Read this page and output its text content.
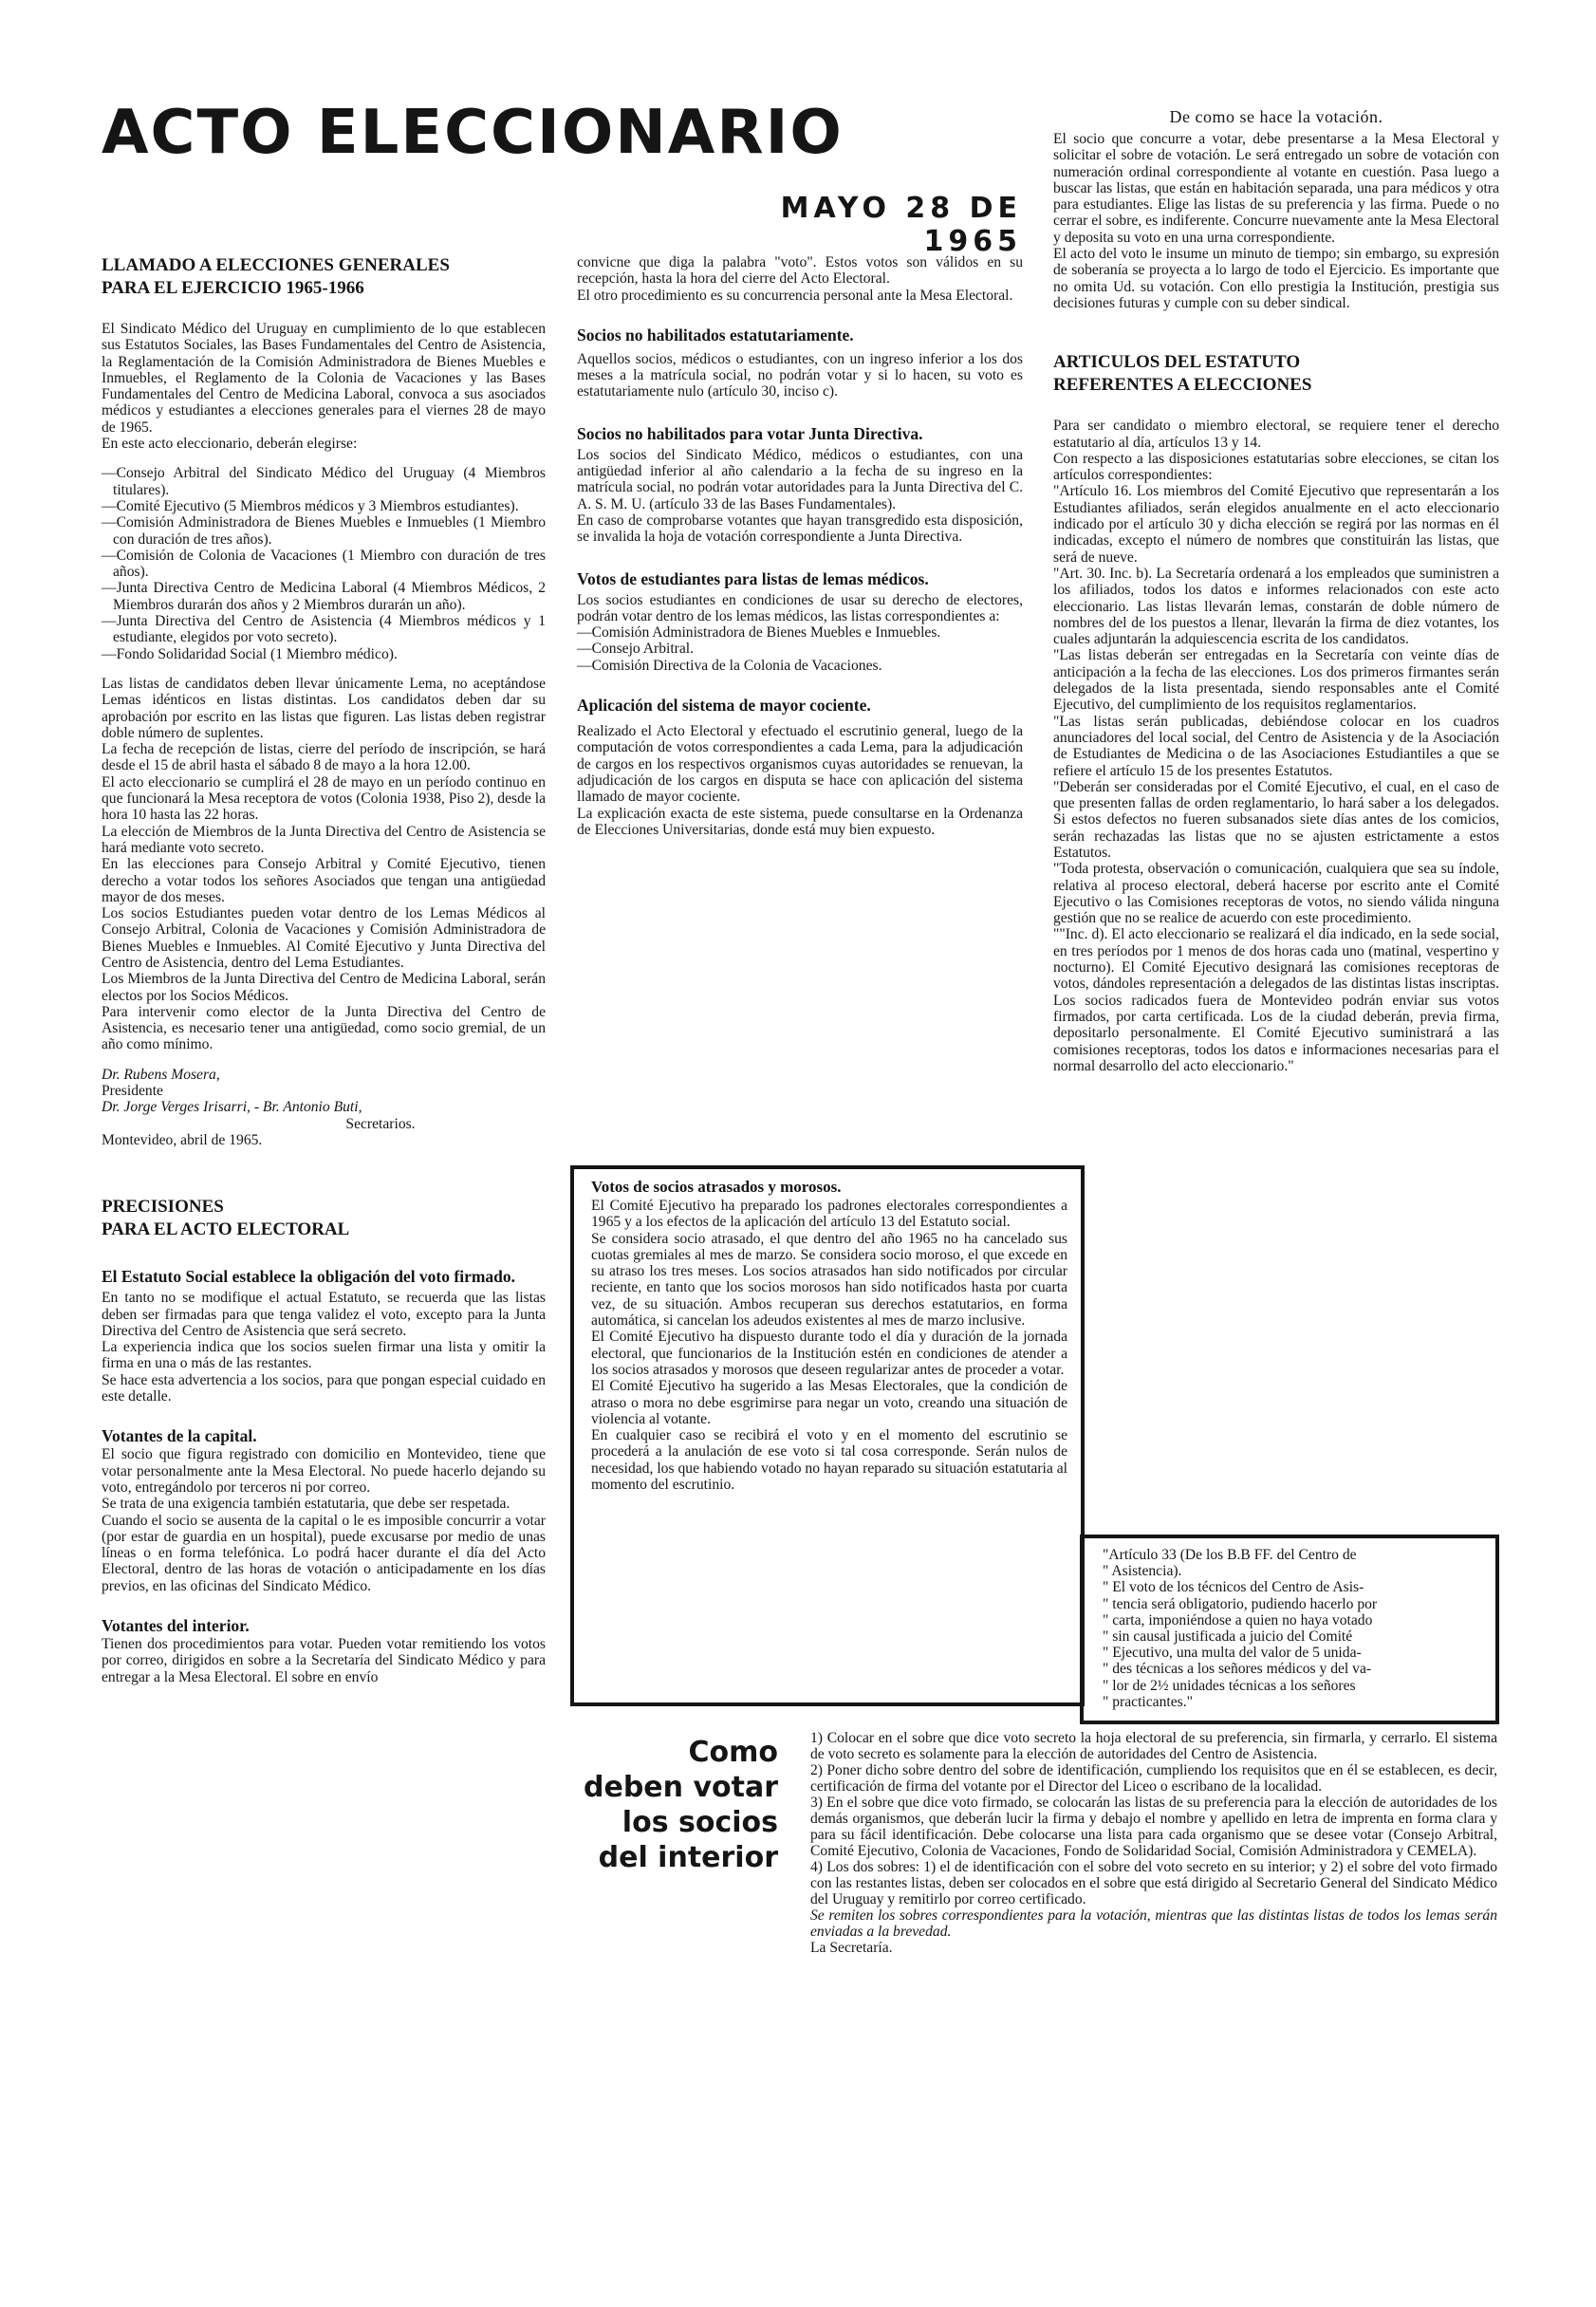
ACTO ELECCIONARIO
MAYO 28 DE 1965

LLAMADO A ELECCIONES GENERALES

PARA EL EJERCICIO 1965-1966

El Sindicato Médico del Uruguay en cumplimiento de lo que establecen sus Estatutos Sociales, las Bases Fundamentales del Centro de Asistencia, la Reglamentación de la Comisión Administradora de Bienes Muebles e Inmuebles, el Reglamento de la Colonia de Vacaciones y las Bases Fundamentales del Centro de Medicina Laboral, convoca a sus asociados médicos y estudiantes a elecciones generales para el viernes 28 de mayo de 1965.

En este acto eleccionario, deberán elegirse:

—Consejo Arbitral del Sindicato Médico del Uruguay (4 Miembros titulares).

—Comité Ejecutivo (5 Miembros médicos y 3 Miembros estudiantes).

—Comisión Administradora de Bienes Muebles e Inmuebles (1 Miembro con duración de tres años).

—Comisión de Colonia de Vacaciones (1 Miembro con duración de tres años).

—Junta Directiva Centro de Medicina Laboral (4 Miembros Médicos, 2 Miembros durarán dos años y 2 Miembros durarán un año).

—Junta Directiva del Centro de Asistencia (4 Miembros médicos y 1 estudiante, elegidos por voto secreto).

—Fondo Solidaridad Social (1 Miembro médico).

Las listas de candidatos deben llevar únicamente Lema, no aceptándose Lemas idénticos en listas distintas. Los candidatos deben dar su aprobación por escrito en las listas que figuren. Las listas deben registrar doble número de suplentes.

La fecha de recepción de listas, cierre del período de inscripción, se hará desde el 15 de abril hasta el sábado 8 de mayo a la hora 12.00.

El acto eleccionario se cumplirá el 28 de mayo en un período continuo en que funcionará la Mesa receptora de votos (Colonia 1938, Piso 2), desde la hora 10 hasta las 22 horas.

La elección de Miembros de la Junta Directiva del Centro de Asistencia se hará mediante voto secreto.

En las elecciones para Consejo Arbitral y Comité Ejecutivo, tienen derecho a votar todos los señores Asociados que tengan una antigüedad mayor de dos meses.

Los socios Estudiantes pueden votar dentro de los Lemas Médicos al Consejo Arbitral, Colonia de Vacaciones y Comisión Administradora de Bienes Muebles e Inmuebles. Al Comité Ejecutivo y Junta Directiva del Centro de Asistencia, dentro del Lema Estudiantes.

Los Miembros de la Junta Directiva del Centro de Medicina Laboral, serán electos por los Socios Médicos.

Para intervenir como elector de la Junta Directiva del Centro de Asistencia, es necesario tener una antigüedad, como socio gremial, de un año como mínimo.

Dr. Rubens Mosera,

Presidente

Dr. Jorge Verges Irisarri, - Br. Antonio Buti,

Secretarios.

Montevideo, abril de 1965.

PRECISIONES

PARA EL ACTO ELECTORAL

El Estatuto Social establece la obligación del voto firmado.

En tanto no se modifique el actual Estatuto, se recuerda que las listas deben ser firmadas para que tenga validez el voto, excepto para la Junta Directiva del Centro de Asistencia que será secreto.

La experiencia indica que los socios suelen firmar una lista y omitir la firma en una o más de las restantes.

Se hace esta advertencia a los socios, para que pongan especial cuidado en este detalle.

Votantes de la capital.

El socio que figura registrado con domicilio en Montevideo, tiene que votar personalmente ante la Mesa Electoral. No puede hacerlo dejando su voto, entregándolo por terceros ni por correo.

Se trata de una exigencia también estatutaria, que debe ser respetada.

Cuando el socio se ausenta de la capital o le es imposible concurrir a votar (por estar de guardia en un hospital), puede excusarse por medio de unas líneas o en forma telefónica. Lo podrá hacer durante el día del Acto Electoral, dentro de las horas de votación o anticipadamente en los días previos, en las oficinas del Sindicato Médico.

Votantes del interior.

Tienen dos procedimientos para votar. Pueden votar remitiendo los votos por correo, dirigidos en sobre a la Secretaría del Sindicato Médico y para entregar a la Mesa Electoral. El sobre en envío

convicne que diga la palabra "voto". Estos votos son válidos en su recepción, hasta la hora del cierre del Acto Electoral.

El otro procedimiento es su concurrencia personal ante la Mesa Electoral.

Socios no habilitados estatutariamente.

Aquellos socios, médicos o estudiantes, con un ingreso inferior a los dos meses a la matrícula social, no podrán votar y si lo hacen, su voto es estatutariamente nulo (artículo 30, inciso c).

Socios no habilitados para votar Junta Directiva.

Los socios del Sindicato Médico, médicos o estudiantes, con una antigüedad inferior al año calendario a la fecha de su ingreso en la matrícula social, no podrán votar autoridades para la Junta Directiva del C. A. S. M. U. (artículo 33 de las Bases Fundamentales).

En caso de comprobarse votantes que hayan transgredido esta disposición, se invalida la hoja de votación correspondiente a Junta Directiva.

Votos de estudiantes para listas de lemas médicos.

Los socios estudiantes en condiciones de usar su derecho de electores, podrán votar dentro de los lemas médicos, las listas correspondientes a:

—Comisión Administradora de Bienes Muebles e Inmuebles.

—Consejo Arbitral.

—Comisión Directiva de la Colonia de Vacaciones.

Aplicación del sistema de mayor cociente.

Realizado el Acto Electoral y efectuado el escrutinio general, luego de la computación de votos correspondientes a cada Lema, para la adjudicación de cargos en los respectivos organismos cuyas autoridades se renuevan, la adjudicación de los cargos en disputa se hace con aplicación del sistema llamado de mayor cociente.

La explicación exacta de este sistema, puede consultarse en la Ordenanza de Elecciones Universitarias, donde está muy bien expuesto.

Votos de socios atrasados y morosos.

El Comité Ejecutivo ha preparado los padrones electorales correspondientes a 1965 y a los efectos de la aplicación del artículo 13 del Estatuto social.

Se considera socio atrasado, el que dentro del año 1965 no ha cancelado sus cuotas gremiales al mes de marzo. Se considera socio moroso, el que excede en su atraso los tres meses. Los socios atrasados han sido notificados por circular reciente, en tanto que los socios morosos han sido notificados hasta por cuarta vez, de su situación. Ambos recuperan sus derechos estatutarios, en forma automática, si cancelan los adeudos existentes al mes de marzo inclusive.

El Comité Ejecutivo ha dispuesto durante todo el día y duración de la jornada electoral, que funcionarios de la Institución estén en condiciones de atender a los socios atrasados y morosos que deseen regularizar antes de proceder a votar.

El Comité Ejecutivo ha sugerido a las Mesas Electorales, que la condición de atraso o mora no debe esgrimirse para negar un voto, creando una situación de violencia al votante.

En cualquier caso se recibirá el voto y en el momento del escrutinio se procederá a la anulación de ese voto si tal cosa corresponde. Serán nulos de necesidad, los que habiendo votado no hayan reparado su situación estatutaria al momento del escrutinio.

De como se hace la votación.

El socio que concurre a votar, debe presentarse a la Mesa Electoral y solicitar el sobre de votación. Le será entregado un sobre de votación con numeración ordinal correspondiente al votante en cuestión. Pasa luego a buscar las listas, que están en habitación separada, una para médicos y otra para estudiantes. Elige las listas de su preferencia y las firma. Puede o no cerrar el sobre, es indiferente. Concurre nuevamente ante la Mesa Electoral y deposita su voto en una urna correspondiente.

El acto del voto le insume un minuto de tiempo; sin embargo, su expresión de soberanía se proyecta a lo largo de todo el Ejercicio. Es importante que no omita Ud. su votación. Con ello prestigia la Institución, prestigia sus decisiones futuras y cumple con su deber sindical.

ARTICULOS DEL ESTATUTO

REFERENTES A ELECCIONES

Para ser candidato o miembro electoral, se requiere tener el derecho estatutario al día, artículos 13 y 14.

Con respecto a las disposiciones estatutarias sobre elecciones, se citan los artículos correspondientes:

"Artículo 16. Los miembros del Comité Ejecutivo que representarán a los Estudiantes afiliados, serán elegidos anualmente en el acto eleccionario indicado por el artículo 30 y dicha elección se regirá por las normas en él indicadas, excepto el número de nombres que constituirán las listas, que será de nueve.

"Art. 30. Inc. b). La Secretaría ordenará a los empleados que suministren a los afiliados, todos los datos e informes relacionados con este acto eleccionario. Las listas llevarán lemas, constarán de doble número de nombres del de los puestos a llenar, llevarán la firma de diez votantes, los cuales adjuntarán la adquiescencia escrita de los candidatos.

"Las listas deberán ser entregadas en la Secretaría con veinte días de anticipación a la fecha de las elecciones. Los dos primeros firmantes serán delegados de la lista presentada, siendo responsables ante el Comité Ejecutivo, del cumplimiento de los requisitos reglamentarios.

"Las listas serán publicadas, debiéndose colocar en los cuadros anunciadores del local social, del Centro de Asistencia y de la Asociación de Estudiantes de Medicina o de las Asociaciones Estudiantiles a que se refiere el artículo 15 de los presentes Estatutos.

"Deberán ser consideradas por el Comité Ejecutivo, el cual, en el caso de que presenten fallas de orden reglamentario, lo hará saber a los delegados. Si estos defectos no fueren subsanados siete días antes de los comicios, serán rechazadas las listas que no se ajusten estrictamente a estos Estatutos.

"Toda protesta, observación o comunicación, cualquiera que sea su índole, relativa al proceso electoral, deberá hacerse por escrito ante el Comité Ejecutivo o las Comisiones receptoras de votos, no siendo válida ninguna gestión que no se realice de acuerdo con este procedimiento.

""Inc. d). El acto eleccionario se realizará el día indicado, en la sede social, en tres períodos por 1 menos de dos horas cada uno (matinal, vespertino y nocturno). El Comité Ejecutivo designará las comisiones receptoras de votos, dándoles representación a delegados de las distintas listas inscriptas. Los socios radicados fuera de Montevideo podrán enviar sus votos firmados, por carta certificada. Los de la ciudad deberán, previa firma, depositarlo personalmente. El Comité Ejecutivo suministrará a las comisiones receptoras, todos los datos e informaciones necesarias para el normal desarrollo del acto eleccionario."

"Artículo 33 (De los B.B FF. del Centro de

" Asistencia).

" El voto de los técnicos del Centro de Asis-

" tencia será obligatorio, pudiendo hacerlo por

" carta, imponiéndose a quien no haya votado

" sin causal justificada a juicio del Comité

" Ejecutivo, una multa del valor de 5 unida-

" des técnicas a los señores médicos y del va-

" lor de 2½ unidades técnicas a los señores

" practicantes."

Como
deben votar
los socios
del interior

1) Colocar en el sobre que dice voto secreto la hoja electoral de su preferencia, sin firmarla, y cerrarlo. El sistema de voto secreto es solamente para la elección de autoridades del Centro de Asistencia.

2) Poner dicho sobre dentro del sobre de identificación, cumpliendo los requisitos que en él se establecen, es decir, certificación de firma del votante por el Director del Liceo o escribano de la localidad.

3) En el sobre que dice voto firmado, se colocarán las listas de su preferencia para la elección de autoridades de los demás organismos, que deberán lucir la firma y debajo el nombre y apellido en letra de imprenta en forma clara y para su fácil identificación. Debe colocarse una lista para cada organismo que se desee votar (Consejo Arbitral, Comité Ejecutivo, Colonia de Vacaciones, Fondo de Solidaridad Social, Comisión Administradora y CEMELA).

4) Los dos sobres: 1) el de identificación con el sobre del voto secreto en su interior; y 2) el sobre del voto firmado con las restantes listas, deben ser colocados en el sobre que está dirigido al Secretario General del Sindicato Médico del Uruguay y remitirlo por correo certificado.

Se remiten los sobres correspondientes para la votación, mientras que las distintas listas de todos los lemas serán enviadas a la brevedad.

La Secretaría.
